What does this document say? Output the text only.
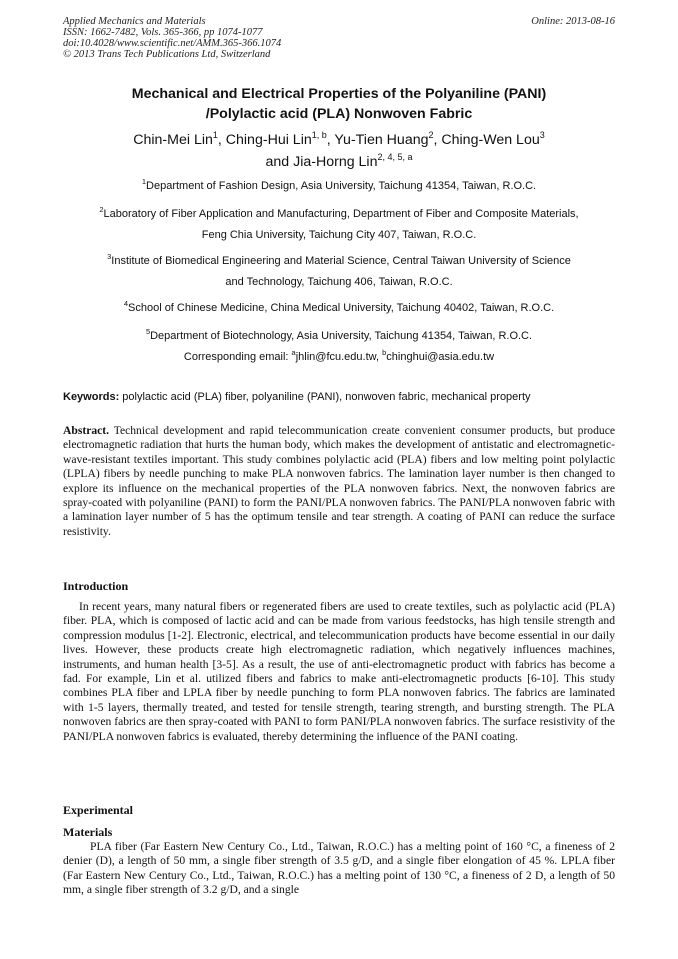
Applied Mechanics and Materials
ISSN: 1662-7482, Vols. 365-366, pp 1074-1077
doi:10.4028/www.scientific.net/AMM.365-366.1074
© 2013 Trans Tech Publications Ltd, Switzerland
Online: 2013-08-16
Mechanical and Electrical Properties of the Polyaniline (PANI)
/Polylactic acid (PLA) Nonwoven Fabric
Chin-Mei Lin$^1$, Ching-Hui Lin$^{1, b}$, Yu-Tien Huang$^2$, Ching-Wen Lou$^3$
and Jia-Horng Lin$^{2, 4, 5, a}$
$^1$Department of Fashion Design, Asia University, Taichung 41354, Taiwan, R.O.C.
$^2$Laboratory of Fiber Application and Manufacturing, Department of Fiber and Composite Materials,
Feng Chia University, Taichung City 407, Taiwan, R.O.C.
$^3$Institute of Biomedical Engineering and Material Science, Central Taiwan University of Science
and Technology, Taichung 406, Taiwan, R.O.C.
$^4$School of Chinese Medicine, China Medical University, Taichung 40402, Taiwan, R.O.C.
$^5$Department of Biotechnology, Asia University, Taichung 41354, Taiwan, R.O.C.
Corresponding email: $^a$jhlin@fcu.edu.tw, $^b$chinghui@asia.edu.tw
Keywords: polylactic acid (PLA) fiber, polyaniline (PANI), nonwoven fabric, mechanical property

Abstract. Technical development and rapid telecommunication create convenient consumer products, but produce electromagnetic radiation that hurts the human body, which makes the development of antistatic and electromagnetic-wave-resistant textiles important. This study combines polylactic acid (PLA) fibers and low melting point polylactic (LPLA) fibers by needle punching to make PLA nonwoven fabrics. The lamination layer number is then changed to explore its influence on the mechanical properties of the PLA nonwoven fabrics. Next, the nonwoven fabrics are spray-coated with polyaniline (PANI) to form the PANI/PLA nonwoven fabrics. The PANI/PLA nonwoven fabric with a lamination layer number of 5 has the optimum tensile and tear strength. A coating of PANI can reduce the surface resistivity.

Introduction

In recent years, many natural fibers or regenerated fibers are used to create textiles, such as polylactic acid (PLA) fiber. PLA, which is composed of lactic acid and can be made from various feedstocks, has high tensile strength and compression modulus [1-2]. Electronic, electrical, and telecommunication products have become essential in our daily lives. However, these products create high electromagnetic radiation, which negatively influences machines, instruments, and human health [3-5]. As a result, the use of anti-electromagnetic product with fabrics has become a fad. For example, Lin et al. utilized fibers and fabrics to make anti-electromagnetic products [6-10]. This study combines PLA fiber and LPLA fiber by needle punching to form PLA nonwoven fabrics. The fabrics are laminated with 1-5 layers, thermally treated, and tested for tensile strength, tearing strength, and bursting strength. The PLA nonwoven fabrics are then spray-coated with PANI to form PANI/PLA nonwoven fabrics. The surface resistivity of the PANI/PLA nonwoven fabrics is evaluated, thereby determining the influence of the PANI coating.

Experimental
Materials

PLA fiber (Far Eastern New Century Co., Ltd., Taiwan, R.O.C.) has a melting point of 160 °C, a fineness of 2 denier (D), a length of 50 mm, a single fiber strength of 3.5 g/D, and a single fiber elongation of 45 %. LPLA fiber (Far Eastern New Century Co., Ltd., Taiwan, R.O.C.) has a melting point of 130 °C, a fineness of 2 D, a length of 50 mm, a single fiber strength of 3.2 g/D, and a single
